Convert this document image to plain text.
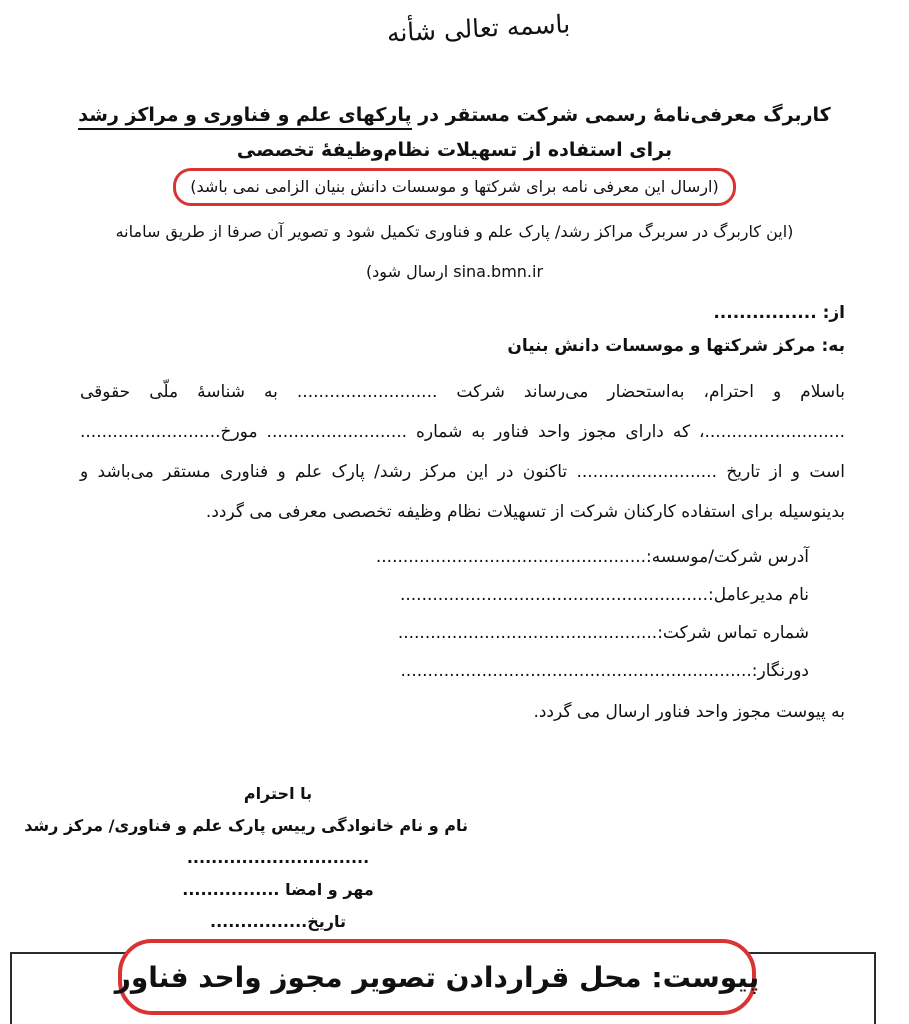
باسمه تعالی شأنه
کاربرگ معرفی‌نامهٔ رسمی شرکت مستقر در پارکهای علم و فناوری و مراکز رشد
برای استفاده از تسهیلات نظام‌وظیفهٔ تخصصی
(ارسال این معرفی نامه برای شرکتها و موسسات دانش بنیان الزامی نمی باشد)
(این کاربرگ در سربرگ مراکز رشد/ پارک علم و فناوری تکمیل شود و تصویر آن صرفا از طریق سامانه sina.bmn.ir ارسال شود)
از: ................
به: مرکز شرکتها و موسسات دانش بنیان

باسلام و احترام، به‌استحضار می‌رساند شرکت .......................... به شناسهٔ ملّی حقوقی ..........................، که دارای مجوز واحد فناور به شماره .......................... مورخ.......................... است و از تاریخ .......................... تاکنون در این مرکز رشد/ پارک علم و فناوری مستقر می‌باشد و بدینوسیله برای استفاده کارکنان شرکت از تسهیلات نظام وظیفه تخصصی معرفی می گردد.

آدرس شرکت/موسسه:..................................................
نام مدیرعامل:.........................................................
شماره تماس شرکت:................................................
دورنگار:.................................................................
به پیوست مجوز واحد فناور ارسال می گردد.
با احترام
نام و نام خانوادگی رییس پارک علم و فناوری/ مرکز رشد
..............................
مهر و امضا ................
تاریخ................
پیوست: محل قراردادن تصویر مجوز واحد فناور
